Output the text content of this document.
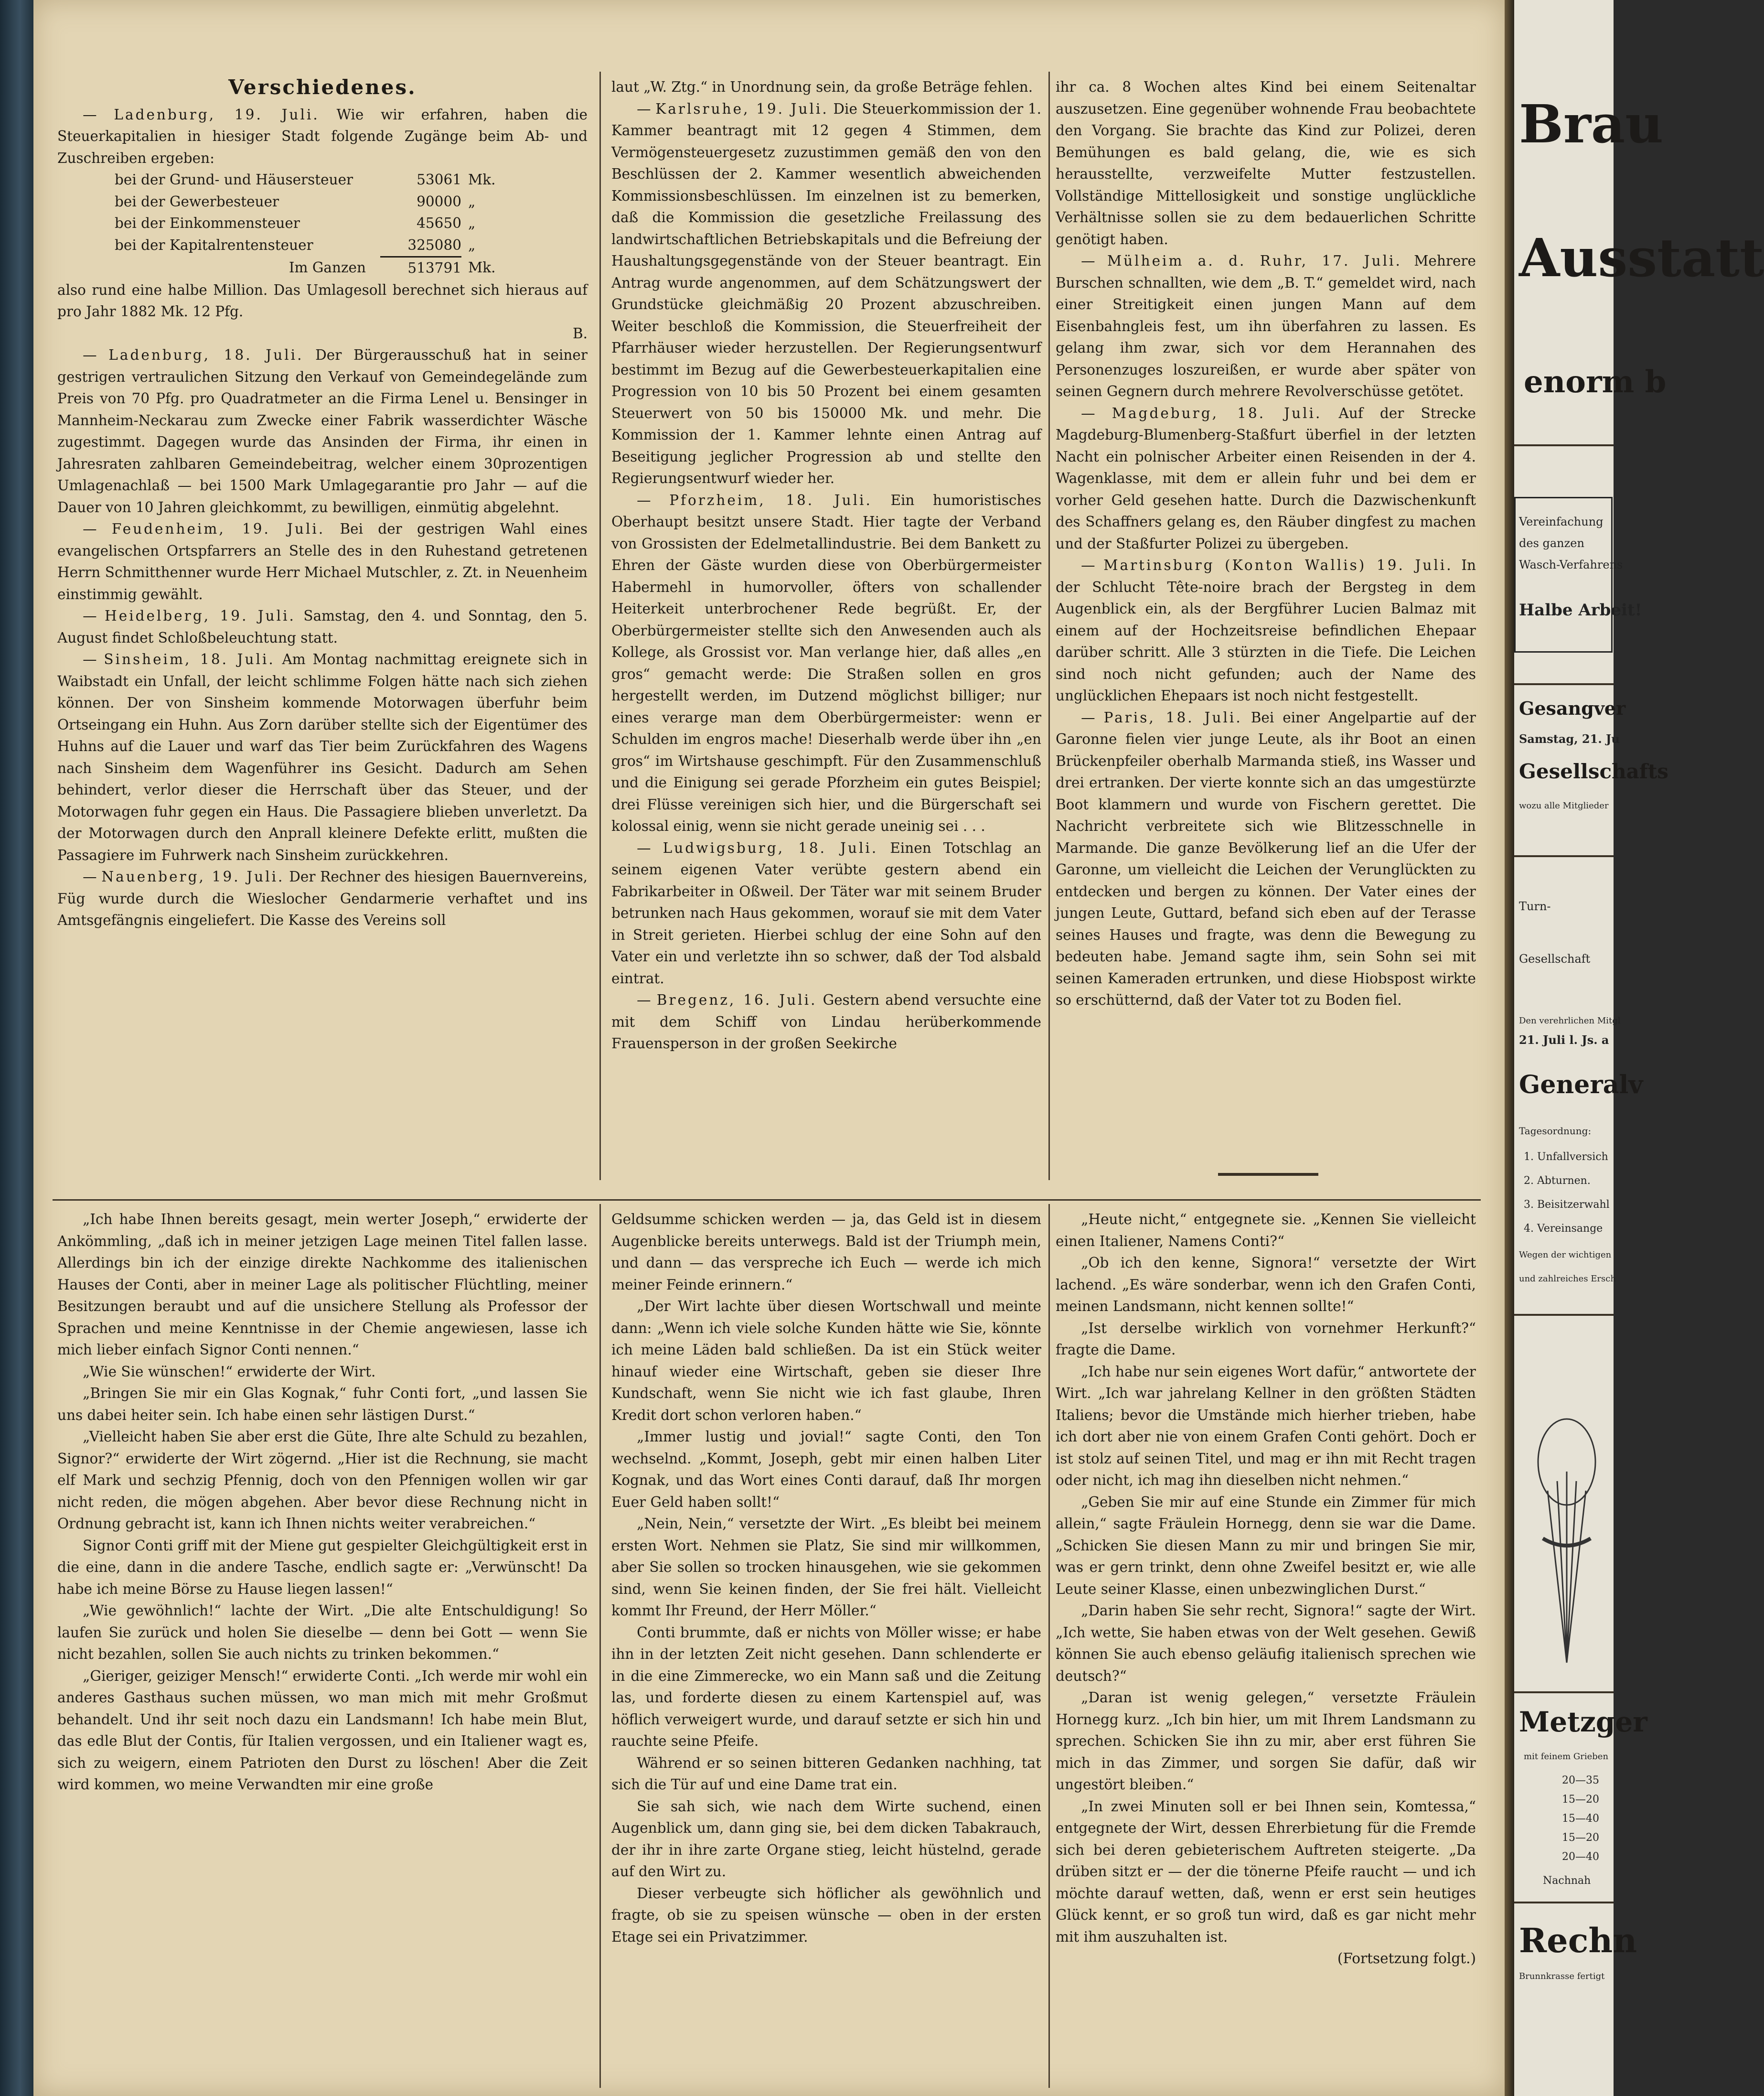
Verschiedenes.

— Ladenburg, 19. Juli. Wie wir erfahren, haben die Steuerkapitalien in hiesiger Stadt folgende Zugänge beim Ab- und Zuschreiben ergeben:

bei der Grund- und Häusersteuer	53061	Mk.
bei der Gewerbesteuer	90000	„
bei der Einkommensteuer	45650	„
bei der Kapitalrentensteuer	325080	„
Im Ganzen	513791	Mk.

also rund eine halbe Million. Das Umlagesoll berechnet sich hieraus auf pro Jahr 1882 Mk. 12 Pfg.

B.

— Ladenburg, 18. Juli. Der Bürgerausschuß hat in seiner gestrigen vertraulichen Sitzung den Verkauf von Gemeindegelände zum Preis von 70 Pfg. pro Quadratmeter an die Firma Lenel u. Bensinger in Mannheim-Neckarau zum Zwecke einer Fabrik wasserdichter Wäsche zugestimmt. Dagegen wurde das Ansinden der Firma, ihr einen in Jahresraten zahlbaren Gemeindebeitrag, welcher einem 30prozentigen Umlagenachlaß — bei 1500 Mark Umlagegarantie pro Jahr — auf die Dauer von 10 Jahren gleichkommt, zu bewilligen, einmütig abgelehnt.

— Feudenheim, 19. Juli. Bei der gestrigen Wahl eines evangelischen Ortspfarrers an Stelle des in den Ruhestand getretenen Herrn Schmitthenner wurde Herr Michael Mutschler, z. Zt. in Neuenheim einstimmig gewählt.

— Heidelberg, 19. Juli. Samstag, den 4. und Sonntag, den 5. August findet Schloßbeleuchtung statt.

— Sinsheim, 18. Juli. Am Montag nachmittag ereignete sich in Waibstadt ein Unfall, der leicht schlimme Folgen hätte nach sich ziehen können. Der von Sinsheim kommende Motorwagen überfuhr beim Ortseingang ein Huhn. Aus Zorn darüber stellte sich der Eigentümer des Huhns auf die Lauer und warf das Tier beim Zurückfahren des Wagens nach Sinsheim dem Wagenführer ins Gesicht. Dadurch am Sehen behindert, verlor dieser die Herrschaft über das Steuer, und der Motorwagen fuhr gegen ein Haus. Die Passagiere blieben unverletzt. Da der Motorwagen durch den Anprall kleinere Defekte erlitt, mußten die Passagiere im Fuhrwerk nach Sinsheim zurückkehren.

— Nauenberg, 19. Juli. Der Rechner des hiesigen Bauernvereins, Füg wurde durch die Wieslocher Gendarmerie verhaftet und ins Amtsgefängnis eingeliefert. Die Kasse des Vereins soll

laut „W. Ztg.“ in Unordnung sein, da große Beträge fehlen.

— Karlsruhe, 19. Juli. Die Steuerkommission der 1. Kammer beantragt mit 12 gegen 4 Stimmen, dem Vermögensteuergesetz zuzustimmen gemäß den von den Beschlüssen der 2. Kammer wesentlich abweichenden Kommissionsbeschlüssen. Im einzelnen ist zu bemerken, daß die Kommission die gesetzliche Freilassung des landwirtschaftlichen Betriebskapitals und die Befreiung der Haushaltungsgegenstände von der Steuer beantragt. Ein Antrag wurde angenommen, auf dem Schätzungswert der Grundstücke gleichmäßig 20 Prozent abzuschreiben. Weiter beschloß die Kommission, die Steuerfreiheit der Pfarrhäuser wieder herzustellen. Der Regierungsentwurf bestimmt im Bezug auf die Gewerbesteuerkapitalien eine Progression von 10 bis 50 Prozent bei einem gesamten Steuerwert von 50 bis 150000 Mk. und mehr. Die Kommission der 1. Kammer lehnte einen Antrag auf Beseitigung jeglicher Progression ab und stellte den Regierungsentwurf wieder her.

— Pforzheim, 18. Juli. Ein humoristisches Oberhaupt besitzt unsere Stadt. Hier tagte der Verband von Grossisten der Edelmetallindustrie. Bei dem Bankett zu Ehren der Gäste wurden diese von Oberbürgermeister Habermehl in humorvoller, öfters von schallender Heiterkeit unterbrochener Rede begrüßt. Er, der Oberbürgermeister stellte sich den Anwesenden auch als Kollege, als Grossist vor. Man verlange hier, daß alles „en gros“ gemacht werde: Die Straßen sollen en gros hergestellt werden, im Dutzend möglichst billiger; nur eines verarge man dem Oberbürgermeister: wenn er Schulden im engros mache! Dieserhalb werde über ihn „en gros“ im Wirtshause geschimpft. Für den Zusammenschluß und die Einigung sei gerade Pforzheim ein gutes Beispiel; drei Flüsse vereinigen sich hier, und die Bürgerschaft sei kolossal einig, wenn sie nicht gerade uneinig sei . . .

— Ludwigsburg, 18. Juli. Einen Totschlag an seinem eigenen Vater verübte gestern abend ein Fabrikarbeiter in Oßweil. Der Täter war mit seinem Bruder betrunken nach Haus gekommen, worauf sie mit dem Vater in Streit gerieten. Hierbei schlug der eine Sohn auf den Vater ein und verletzte ihn so schwer, daß der Tod alsbald eintrat.

— Bregenz, 16. Juli. Gestern abend versuchte eine mit dem Schiff von Lindau herüberkommende Frauensperson in der großen Seekirche

ihr ca. 8 Wochen altes Kind bei einem Seitenaltar auszusetzen. Eine gegenüber wohnende Frau beobachtete den Vorgang. Sie brachte das Kind zur Polizei, deren Bemühungen es bald gelang, die, wie es sich herausstellte, verzweifelte Mutter festzustellen. Vollständige Mittellosigkeit und sonstige unglückliche Verhältnisse sollen sie zu dem bedauerlichen Schritte genötigt haben.

— Mülheim a. d. Ruhr, 17. Juli. Mehrere Burschen schnallten, wie dem „B. T.“ gemeldet wird, nach einer Streitigkeit einen jungen Mann auf dem Eisenbahngleis fest, um ihn überfahren zu lassen. Es gelang ihm zwar, sich vor dem Herannahen des Personenzuges loszureißen, er wurde aber später von seinen Gegnern durch mehrere Revolverschüsse getötet.

— Magdeburg, 18. Juli. Auf der Strecke Magdeburg-Blumenberg-Staßfurt überfiel in der letzten Nacht ein polnischer Arbeiter einen Reisenden in der 4. Wagenklasse, mit dem er allein fuhr und bei dem er vorher Geld gesehen hatte. Durch die Dazwischenkunft des Schaffners gelang es, den Räuber dingfest zu machen und der Staßfurter Polizei zu übergeben.

— Martinsburg (Konton Wallis) 19. Juli. In der Schlucht Tête-noire brach der Bergsteg in dem Augenblick ein, als der Bergführer Lucien Balmaz mit einem auf der Hochzeitsreise befindlichen Ehepaar darüber schritt. Alle 3 stürzten in die Tiefe. Die Leichen sind noch nicht gefunden; auch der Name des unglücklichen Ehepaars ist noch nicht festgestellt.

— Paris, 18. Juli. Bei einer Angelpartie auf der Garonne fielen vier junge Leute, als ihr Boot an einen Brückenpfeiler oberhalb Marmanda stieß, ins Wasser und drei ertranken. Der vierte konnte sich an das umgestürzte Boot klammern und wurde von Fischern gerettet. Die Nachricht verbreitete sich wie Blitzesschnelle in Marmande. Die ganze Bevölkerung lief an die Ufer der Garonne, um vielleicht die Leichen der Verunglückten zu entdecken und bergen zu können. Der Vater eines der jungen Leute, Guttard, befand sich eben auf der Terasse seines Hauses und fragte, was denn die Bewegung zu bedeuten habe. Jemand sagte ihm, sein Sohn sei mit seinen Kameraden ertrunken, und diese Hiobspost wirkte so erschütternd, daß der Vater tot zu Boden fiel.

„Ich habe Ihnen bereits gesagt, mein werter Joseph,“ erwiderte der Ankömmling, „daß ich in meiner jetzigen Lage meinen Titel fallen lasse. Allerdings bin ich der einzige direkte Nachkomme des italienischen Hauses der Conti, aber in meiner Lage als politischer Flüchtling, meiner Besitzungen beraubt und auf die unsichere Stellung als Professor der Sprachen und meine Kenntnisse in der Chemie angewiesen, lasse ich mich lieber einfach Signor Conti nennen.“

„Wie Sie wünschen!“ erwiderte der Wirt.

„Bringen Sie mir ein Glas Kognak,“ fuhr Conti fort, „und lassen Sie uns dabei heiter sein. Ich habe einen sehr lästigen Durst.“

„Vielleicht haben Sie aber erst die Güte, Ihre alte Schuld zu bezahlen, Signor?“ erwiderte der Wirt zögernd. „Hier ist die Rechnung, sie macht elf Mark und sechzig Pfennig, doch von den Pfennigen wollen wir gar nicht reden, die mögen abgehen. Aber bevor diese Rechnung nicht in Ordnung gebracht ist, kann ich Ihnen nichts weiter verabreichen.“

Signor Conti griff mit der Miene gut gespielter Gleichgültigkeit erst in die eine, dann in die andere Tasche, endlich sagte er: „Verwünscht! Da habe ich meine Börse zu Hause liegen lassen!“

„Wie gewöhnlich!“ lachte der Wirt. „Die alte Entschuldigung! So laufen Sie zurück und holen Sie dieselbe — denn bei Gott — wenn Sie nicht bezahlen, sollen Sie auch nichts zu trinken bekommen.“

„Gieriger, geiziger Mensch!“ erwiderte Conti. „Ich werde mir wohl ein anderes Gasthaus suchen müssen, wo man mich mit mehr Großmut behandelt. Und ihr seit noch dazu ein Landsmann! Ich habe mein Blut, das edle Blut der Contis, für Italien vergossen, und ein Italiener wagt es, sich zu weigern, einem Patrioten den Durst zu löschen! Aber die Zeit wird kommen, wo meine Verwandten mir eine große

Geldsumme schicken werden — ja, das Geld ist in diesem Augenblicke bereits unterwegs. Bald ist der Triumph mein, und dann — das verspreche ich Euch — werde ich mich meiner Feinde erinnern.“

„Der Wirt lachte über diesen Wortschwall und meinte dann: „Wenn ich viele solche Kunden hätte wie Sie, könnte ich meine Läden bald schließen. Da ist ein Stück weiter hinauf wieder eine Wirtschaft, geben sie dieser Ihre Kundschaft, wenn Sie nicht wie ich fast glaube, Ihren Kredit dort schon verloren haben.“

„Immer lustig und jovial!“ sagte Conti, den Ton wechselnd. „Kommt, Joseph, gebt mir einen halben Liter Kognak, und das Wort eines Conti darauf, daß Ihr morgen Euer Geld haben sollt!“

„Nein, Nein,“ versetzte der Wirt. „Es bleibt bei meinem ersten Wort. Nehmen sie Platz, Sie sind mir willkommen, aber Sie sollen so trocken hinausgehen, wie sie gekommen sind, wenn Sie keinen finden, der Sie frei hält. Vielleicht kommt Ihr Freund, der Herr Möller.“

Conti brummte, daß er nichts von Möller wisse; er habe ihn in der letzten Zeit nicht gesehen. Dann schlenderte er in die eine Zimmerecke, wo ein Mann saß und die Zeitung las, und forderte diesen zu einem Kartenspiel auf, was höflich verweigert wurde, und darauf setzte er sich hin und rauchte seine Pfeife.

Während er so seinen bitteren Gedanken nachhing, tat sich die Tür auf und eine Dame trat ein.

Sie sah sich, wie nach dem Wirte suchend, einen Augenblick um, dann ging sie, bei dem dicken Tabakrauch, der ihr in ihre zarte Organe stieg, leicht hüstelnd, gerade auf den Wirt zu.

Dieser verbeugte sich höflicher als gewöhnlich und fragte, ob sie zu speisen wünsche — oben in der ersten Etage sei ein Privatzimmer.

„Heute nicht,“ entgegnete sie. „Kennen Sie vielleicht einen Italiener, Namens Conti?“

„Ob ich den kenne, Signora!“ versetzte der Wirt lachend. „Es wäre sonderbar, wenn ich den Grafen Conti, meinen Landsmann, nicht kennen sollte!“

„Ist derselbe wirklich von vornehmer Herkunft?“ fragte die Dame.

„Ich habe nur sein eigenes Wort dafür,“ antwortete der Wirt. „Ich war jahrelang Kellner in den größten Städten Italiens; bevor die Umstände mich hierher trieben, habe ich dort aber nie von einem Grafen Conti gehört. Doch er ist stolz auf seinen Titel, und mag er ihn mit Recht tragen oder nicht, ich mag ihn dieselben nicht nehmen.“

„Geben Sie mir auf eine Stunde ein Zimmer für mich allein,“ sagte Fräulein Hornegg, denn sie war die Dame. „Schicken Sie diesen Mann zu mir und bringen Sie mir, was er gern trinkt, denn ohne Zweifel besitzt er, wie alle Leute seiner Klasse, einen unbezwinglichen Durst.“

„Darin haben Sie sehr recht, Signora!“ sagte der Wirt. „Ich wette, Sie haben etwas von der Welt gesehen. Gewiß können Sie auch ebenso geläufig italienisch sprechen wie deutsch?“

„Daran ist wenig gelegen,“ versetzte Fräulein Hornegg kurz. „Ich bin hier, um mit Ihrem Landsmann zu sprechen. Schicken Sie ihn zu mir, aber erst führen Sie mich in das Zimmer, und sorgen Sie dafür, daß wir ungestört bleiben.“

„In zwei Minuten soll er bei Ihnen sein, Komtessa,“ entgegnete der Wirt, dessen Ehrerbietung für die Fremde sich bei deren gebieterischem Auftreten steigerte. „Da drüben sitzt er — der die tönerne Pfeife raucht — und ich möchte darauf wetten, daß, wenn er erst sein heutiges Glück kennt, er so groß tun wird, daß es gar nicht mehr mit ihm auszuhalten ist.

(Fortsetzung folgt.)

Brau
Ausstatt
enorm b
Vereinfachung
des ganzen
Wasch-Verfahrens
Halbe Arbeit!
Gesangver
Samstag, 21. Ju
Gesellschafts
wozu alle Mitglieder
Turn-
Gesellschaft
Den verehrlichen Mitgl
21. Juli l. Js. a
Generalv
Tagesordnung:
1. Unfallversich
2. Abturnen.
3. Beisitzerwahl
4. Vereinsange
Wegen der wichtigen
und zahlreiches Ersch
Metzger
mit feinem Grieben
20—35
15—20
15—40
15—20
20—40
Nachnah
Rechn
Brunnkrasse fertigt
